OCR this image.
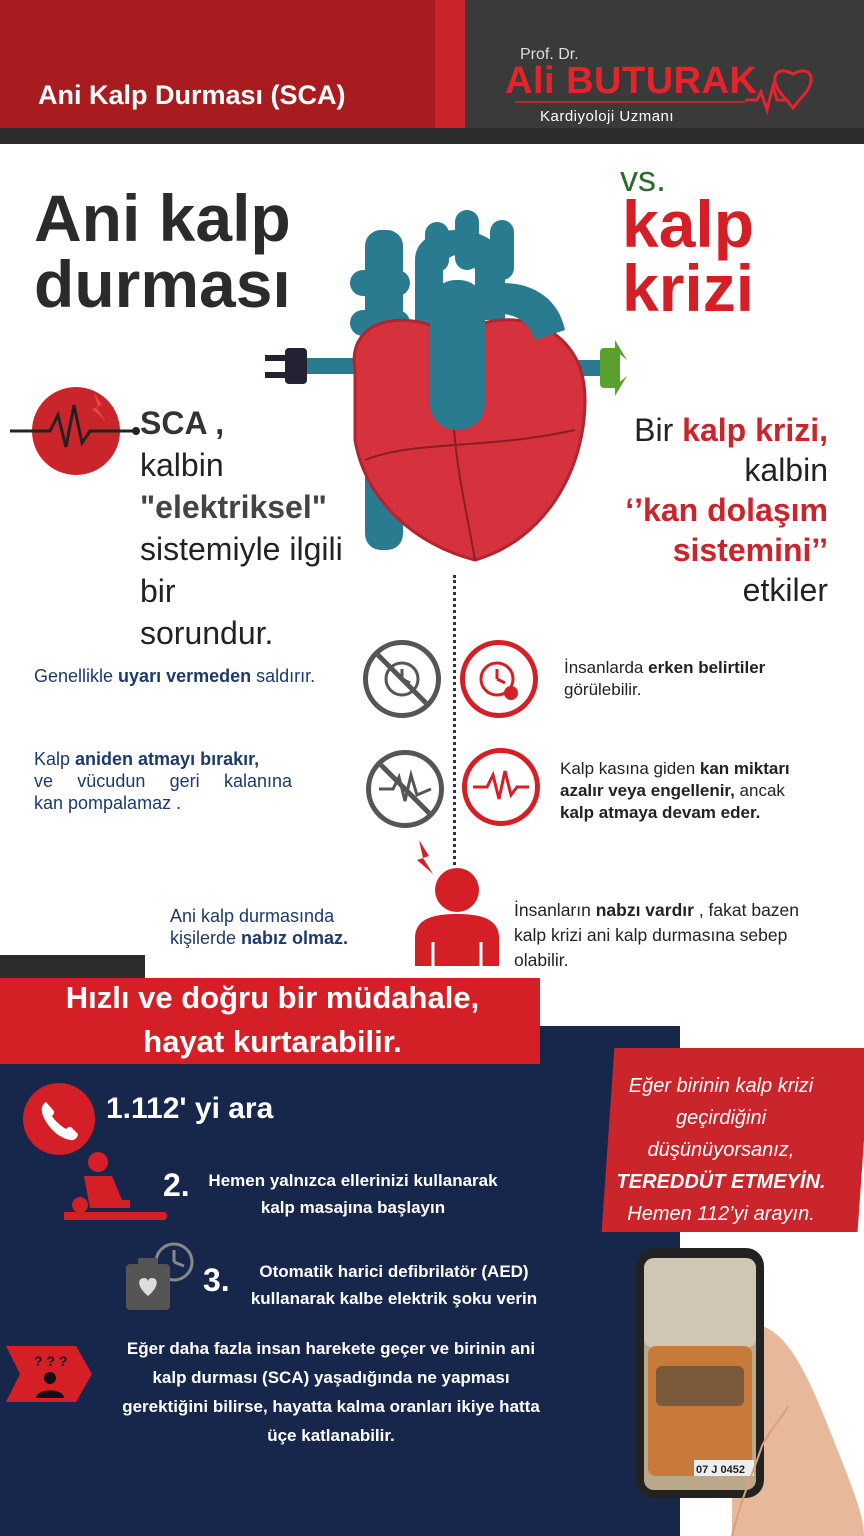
Ani Kalp Durması (SCA)
Prof. Dr.
Ali BUTURAK
Kardiyoloji Uzmanı
Ani kalp
durması
vs.
kalp
krizi
SCA ,
kalbin
"elektriksel"
sistemiyle ilgili
bir
sorundur.
Bir kalp krizi,
kalbin
‘’kan dolaşım
sistemini’’
etkiler
Genellikle uyarı vermeden saldırır.	İnsanlarda erken belirtiler
görülebilir.
Kalp aniden atmayı bırakır,
ve vücudun geri kalanına
kan pompalamaz .
Kalp kasına giden kan miktarı
azalır veya engellenir, ancak
kalp atmaya devam eder.
Ani kalp durmasında
kişilerde nabız olmaz.
İnsanların nabzı vardır , fakat bazen
kalp krizi ani kalp durmasına sebep
olabilir.
Hızlı ve doğru bir müdahale,
hayat kurtarabilir.
1.112' yi ara
2.	Hemen yalnızca ellerinizi kullanarak
kalp masajına başlayın
3.	Otomatik harici defibrilatör (AED)
kullanarak kalbe elektrik şoku verin
? ? ?
Eğer daha fazla insan harekete geçer ve birinin ani
kalp durması (SCA) yaşadığında ne yapması
gerektiğini bilirse, hayatta kalma oranları ikiye hatta
üçe katlanabilir.
Eğer birinin kalp krizi
geçirdiğini
düşünüyorsanız,
TEREDDÜT ETMEYİN.
Hemen 112’yi arayın.
07 J 0452
